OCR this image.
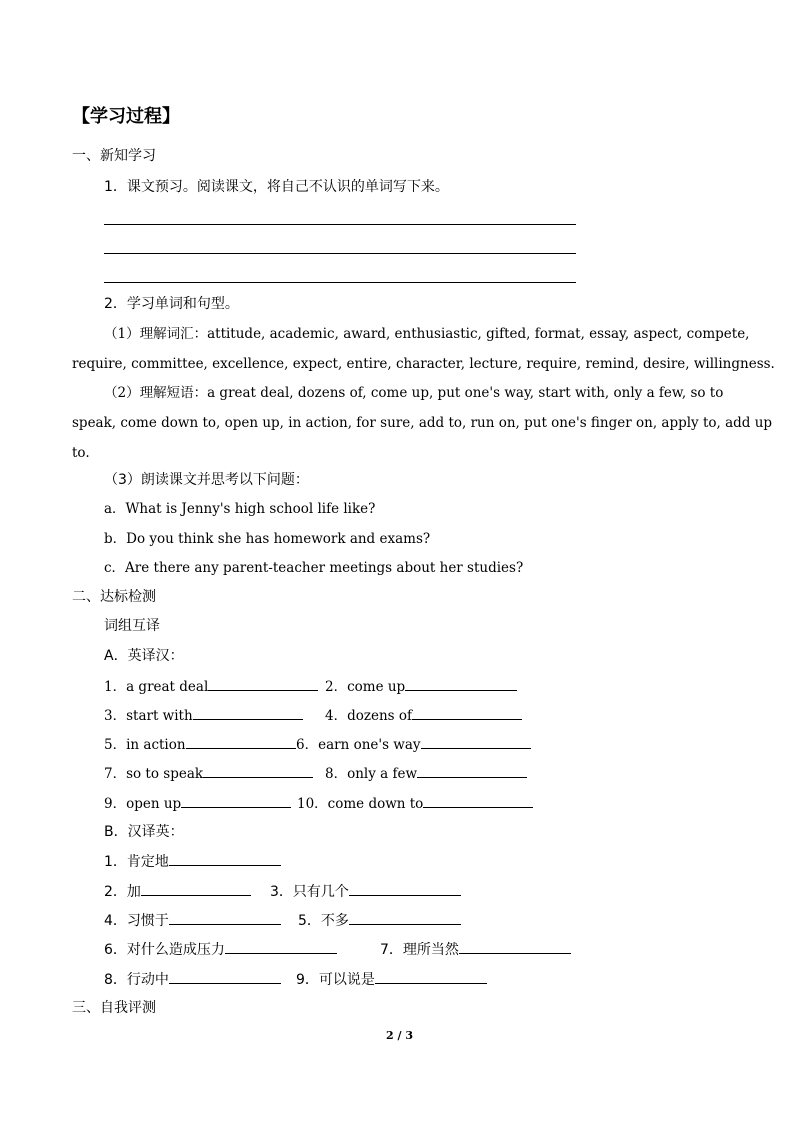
【学习过程】
一、新知学习
1．课文预习。阅读课文，将自己不认识的单词写下来。
2．学习单词和句型。
（1）理解词汇：attitude, academic, award, enthusiastic, gifted, format, essay, aspect, compete,
require, committee, excellence, expect, entire, character, lecture, require, remind, desire, willingness.
（2）理解短语：a great deal, dozens of, come up, put one's way, start with, only a few, so to
speak, come down to, open up, in action, for sure, add to, run on, put one's finger on, apply to, add up
to.
（3）朗读课文并思考以下问题：
a．What is Jenny's high school life like?
b．Do you think she has homework and exams?
c．Are there any parent-teacher meetings about her studies?
二、达标检测
词组互译
A．英译汉：
1．a great deal	2．come up
3．start with	4．dozens of
5．in action	6．earn one's way
7．so to speak	8．only a few
9．open up	10．come down to
B．汉译英：
1．肯定地
2．加	3．只有几个
4．习惯于	5．不多
6．对什么造成压力	7．理所当然
8．行动中	9．可以说是
三、自我评测
2 / 3
